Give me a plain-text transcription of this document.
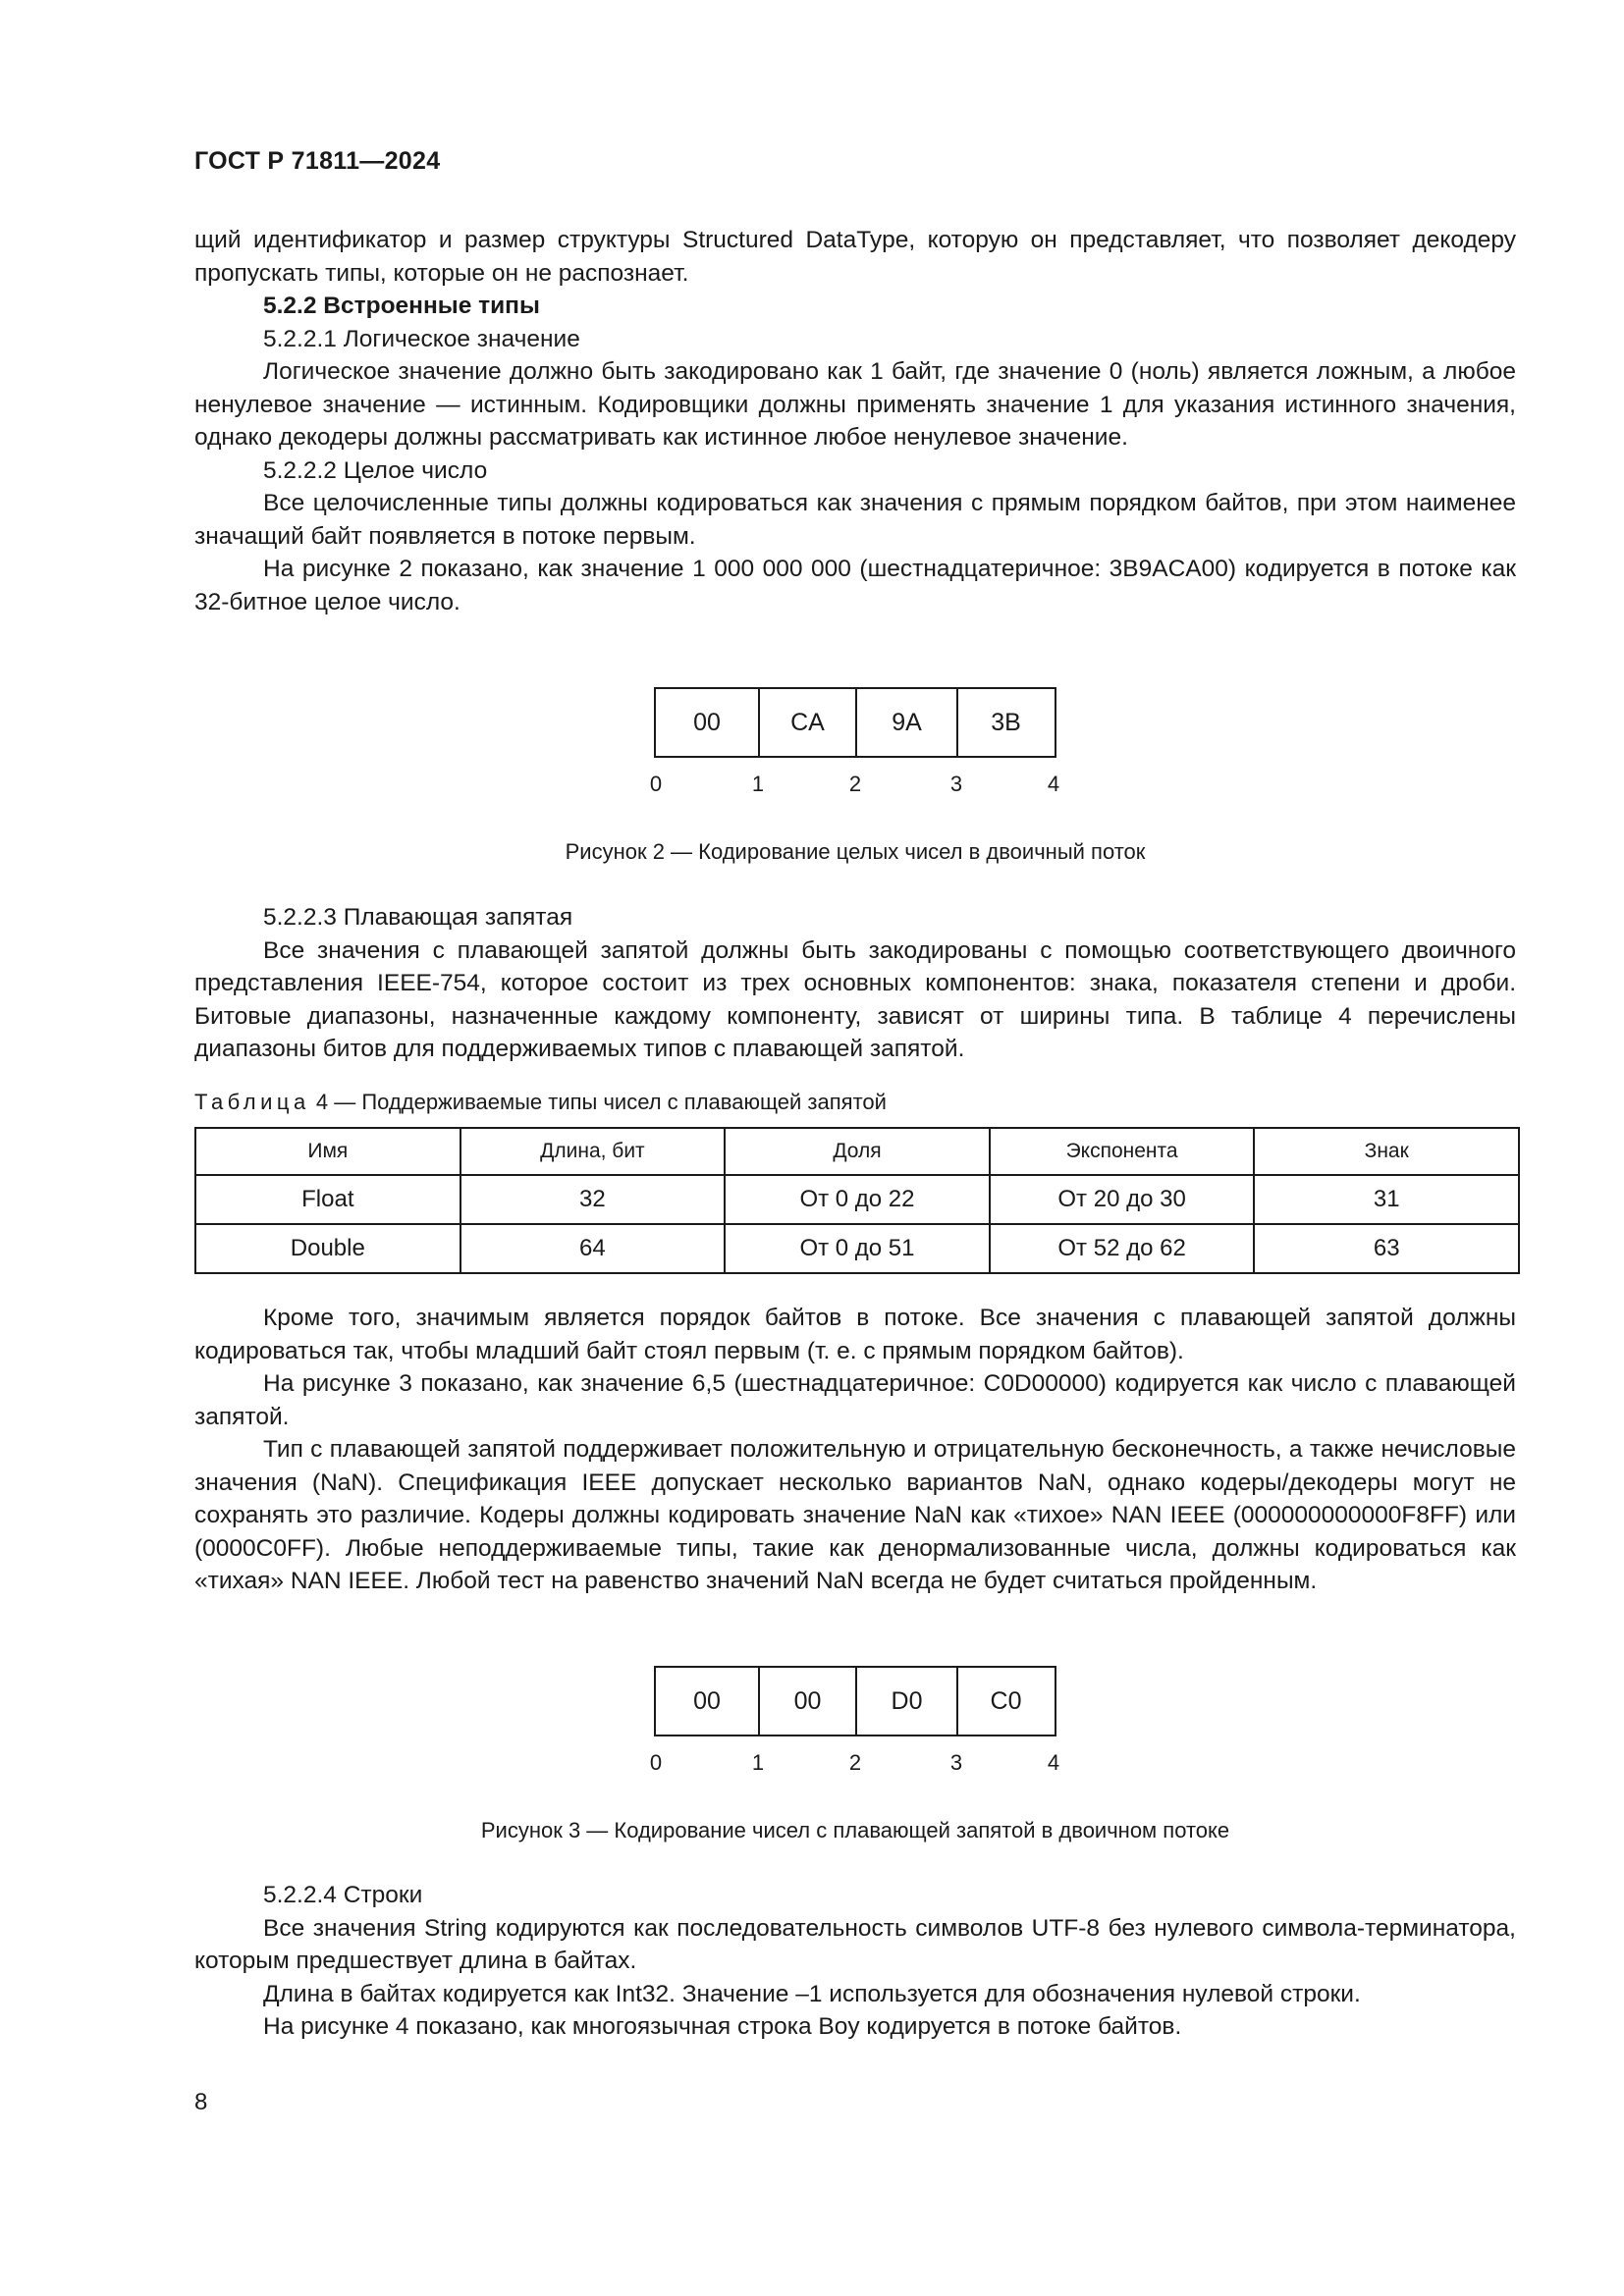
ГОСТ Р 71811—2024

щий идентификатор и размер структуры Structured DataType, которую он представляет, что позволяет декодеру пропускать типы, которые он не распознает.

5.2.2 Встроенные типы

5.2.2.1 Логическое значение

Логическое значение должно быть закодировано как 1 байт, где значение 0 (ноль) является ложным, а любое ненулевое значение — истинным. Кодировщики должны применять значение 1 для указания истинного значения, однако декодеры должны рассматривать как истинное любое ненулевое значение.

5.2.2.2 Целое число

Все целочисленные типы должны кодироваться как значения с прямым порядком байтов, при этом наименее значащий байт появляется в потоке первым.

На рисунке 2 показано, как значение 1 000 000 000 (шестнадцатеричное: 3B9ACA00) кодируется в потоке как 32-битное целое число.

00	CA	9A	3B
0	1	2	3	4
Рисунок 2 — Кодирование целых чисел в двоичный поток

5.2.2.3 Плавающая запятая

Все значения с плавающей запятой должны быть закодированы с помощью соответствующего двоичного представления IEEE-754, которое состоит из трех основных компонентов: знака, показателя степени и дроби. Битовые диапазоны, назначенные каждому компоненту, зависят от ширины типа. В таблице 4 перечислены диапазоны битов для поддерживаемых типов с плавающей запятой.

Таблица 4 — Поддерживаемые типы чисел с плавающей запятой
Имя	Длина, бит	Доля	Экспонента	Знак
Float	32	От 0 до 22	От 20 до 30	31
Double	64	От 0 до 51	От 52 до 62	63

Кроме того, значимым является порядок байтов в потоке. Все значения с плавающей запятой должны кодироваться так, чтобы младший байт стоял первым (т. е. с прямым порядком байтов).

На рисунке 3 показано, как значение 6,5 (шестнадцатеричное: C0D00000) кодируется как число с плавающей запятой.

Тип с плавающей запятой поддерживает положительную и отрицательную бесконечность, а также нечисловые значения (NaN). Спецификация IEEE допускает несколько вариантов NaN, однако кодеры/декодеры могут не сохранять это различие. Кодеры должны кодировать значение NaN как «тихое» NAN IEEE (000000000000F8FF) или (0000C0FF). Любые неподдерживаемые типы, такие как денормализованные числа, должны кодироваться как «тихая» NAN IEEE. Любой тест на равенство значений NaN всегда не будет считаться пройденным.

00	00	D0	C0
0	1	2	3	4
Рисунок 3 — Кодирование чисел с плавающей запятой в двоичном потоке

5.2.2.4 Строки

Все значения String кодируются как последовательность символов UTF-8 без нулевого символа-терминатора, которым предшествует длина в байтах.

Длина в байтах кодируется как Int32. Значение –1 используется для обозначения нулевой строки.

На рисунке 4 показано, как многоязычная строка Boy кодируется в потоке байтов.

8
